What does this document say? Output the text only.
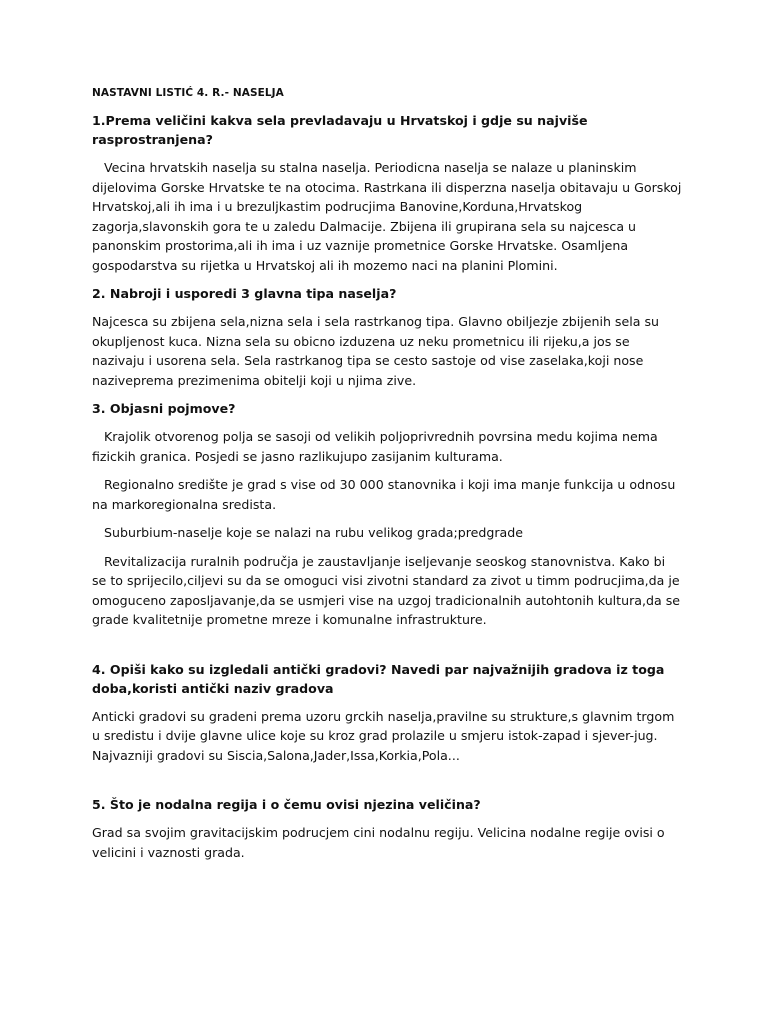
NASTAVNI LISTIĆ 4. R.- NASELJA
1.Prema veličini kakva sela prevladavaju u Hrvatskoj i gdje su najviše rasprostranjena?
Vecina hrvatskih naselja su stalna naselja. Periodicna naselja se nalaze u planinskim dijelovima Gorske Hrvatske te na otocima. Rastrkana ili disperzna naselja obitavaju u Gorskoj Hrvatskoj,ali ih ima i u brezuljkastim podrucjima Banovine,Korduna,Hrvatskog zagorja,slavonskih gora te u zaledu Dalmacije. Zbijena ili grupirana sela su najcesca u panonskim prostorima,ali ih ima i uz vaznije prometnice Gorske Hrvatske. Osamljena gospodarstva su rijetka u Hrvatskoj ali ih mozemo naci na planini Plomini.
2. Nabroji i usporedi 3 glavna tipa naselja?
Najcesca su zbijena sela,nizna sela i sela rastrkanog tipa. Glavno obiljezje zbijenih sela su okupljenost kuca. Nizna sela su obicno izduzena uz neku prometnicu ili rijeku,a jos se nazivaju i usorena sela. Sela rastrkanog tipa se cesto sastoje od vise zaselaka,koji nose naziveprema prezimenima obitelji koji u njima zive.
3. Objasni pojmove?
Krajolik otvorenog polja se sasoji od velikih poljoprivrednih povrsina medu kojima nema fizickih granica. Posjedi se jasno razlikujupo zasijanim kulturama.
Regionalno središte je grad s vise od 30 000 stanovnika i koji ima manje funkcija u odnosu na markoregionalna sredista.
Suburbium-naselje koje se nalazi na rubu velikog grada;predgrade
Revitalizacija ruralnih područja je zaustavljanje iseljevanje seoskog stanovnistva. Kako bi se to sprijecilo,ciljevi su da se omoguci visi zivotni standard za zivot u timm podrucjima,da je omoguceno zaposljavanje,da se usmjeri vise na uzgoj tradicionalnih autohtonih kultura,da se grade kvalitetnije prometne mreze i komunalne infrastrukture.
4. Opiši kako su izgledali antički gradovi? Navedi par najvažnijih gradova iz toga doba,koristi antički naziv gradova
Anticki gradovi su gradeni prema uzoru grckih naselja,pravilne su strukture,s glavnim trgom u sredistu i dvije glavne ulice koje su kroz grad prolazile u smjeru istok-zapad i sjever-jug. Najvazniji gradovi su Siscia,Salona,Jader,Issa,Korkia,Pola...
5. Što je nodalna regija i o čemu ovisi njezina veličina?
Grad sa svojim gravitacijskim podrucjem cini nodalnu regiju. Velicina nodalne regije ovisi o velicini i vaznosti grada.
